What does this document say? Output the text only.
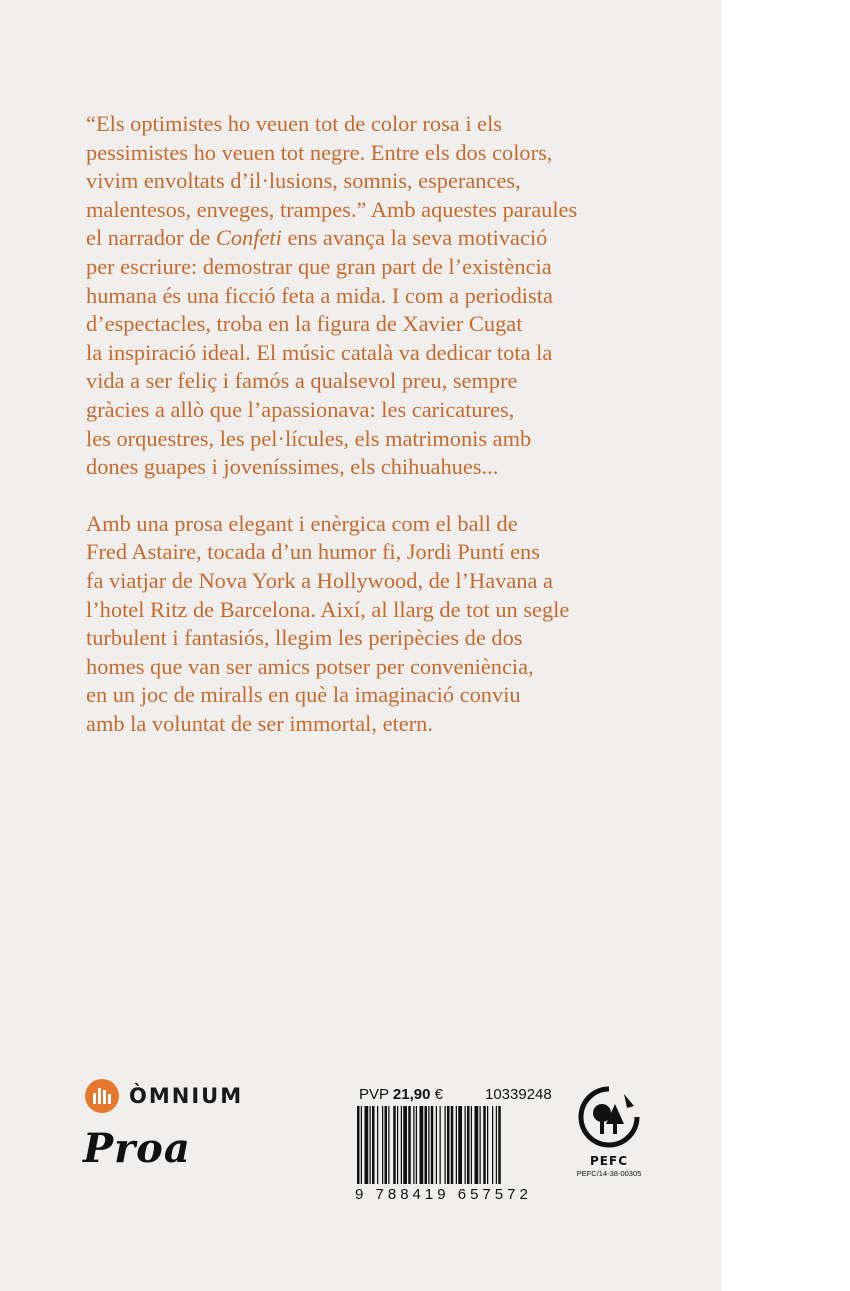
“Els optimistes ho veuen tot de color rosa i els
pessimistes ho veuen tot negre. Entre els dos colors,
vivim envoltats d’il·lusions, somnis, esperances,
malentesos, enveges, trampes.” Amb aquestes paraules
el narrador de Confeti ens avança la seva motivació
per escriure: demostrar que gran part de l’existència
humana és una ficció feta a mida. I com a periodista
d’espectacles, troba en la figura de Xavier Cugat
la inspiració ideal. El músic català va dedicar tota la
vida a ser feliç i famós a qualsevol preu, sempre
gràcies a allò que l’apassionava: les caricatures,
les orquestres, les pel·lícules, els matrimonis amb
dones guapes i joveníssimes, els chihuahues...

Amb una prosa elegant i enèrgica com el ball de
Fred Astaire, tocada d’un humor fi, Jordi Puntí ens
fa viatjar de Nova York a Hollywood, de l’Havana a
l’hotel Ritz de Barcelona. Així, al llarg de tot un segle
turbulent i fantasiós, llegim les peripècies de dos
homes que van ser amics potser per conveniència,
en un joc de miralls en què la imaginació conviu
amb la voluntat de ser immortal, etern.

ÒMNIUM
Proa
PVP 21,90 €	10339248
9 788419 657572
PEFC
PEFC/14-38-00305
